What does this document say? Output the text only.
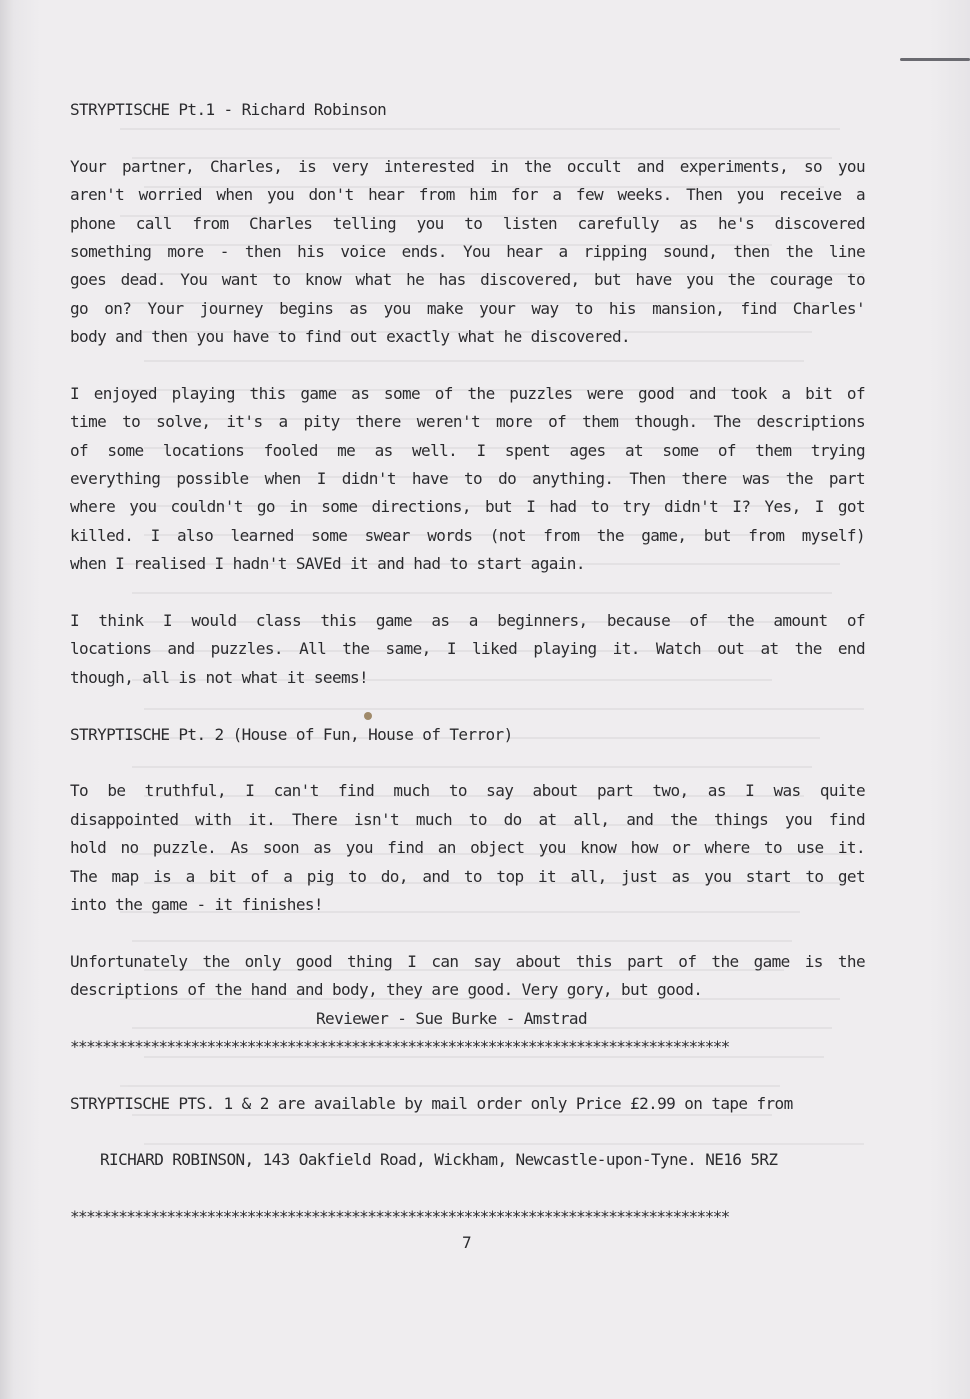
STRYPTISCHE Pt.1 - Richard Robinson
Your partner, Charles, is very interested in the occult and experiments, so you
aren't worried when you don't hear from him for a few weeks. Then you receive a
phone call from Charles telling you to listen carefully as he's discovered
something more - then his voice ends. You hear a ripping sound, then the line
goes dead. You want to know what he has discovered, but have you the courage to
go on? Your journey begins as you make your way to his mansion, find Charles'
body and then you have to find out exactly what he discovered.
I enjoyed playing this game as some of the puzzles were good and took a bit of
time to solve, it's a pity there weren't more of them though. The descriptions
of some locations fooled me as well. I spent ages at some of them trying
everything possible when I didn't have to do anything. Then there was the part
where you couldn't go in some directions, but I had to try didn't I? Yes, I got
killed. I also learned some swear words (not from the game, but from myself)
when I realised I hadn't SAVEd it and had to start again.
I think I would class this game as a beginners, because of the amount of
locations and puzzles. All the same, I liked playing it. Watch out at the end
though, all is not what it seems!
STRYPTISCHE Pt. 2 (House of Fun, House of Terror)
To be truthful, I can't find much to say about part two, as I was quite
disappointed with it. There isn't much to do at all, and the things you find
hold no puzzle. As soon as you find an object you know how or where to use it.
The map is a bit of a pig to do, and to top it all, just as you start to get
into the game - it finishes!
Unfortunately the only good thing I can say about this part of the game is the
descriptions of the hand and body, they are good. Very gory, but good.
Reviewer - Sue Burke - Amstrad
**********************************************************************************
STRYPTISCHE PTS. 1 & 2 are available by mail order only Price £2.99 on tape from
RICHARD ROBINSON, 143 Oakfield Road, Wickham, Newcastle-upon-Tyne. NE16 5RZ
**********************************************************************************
7
